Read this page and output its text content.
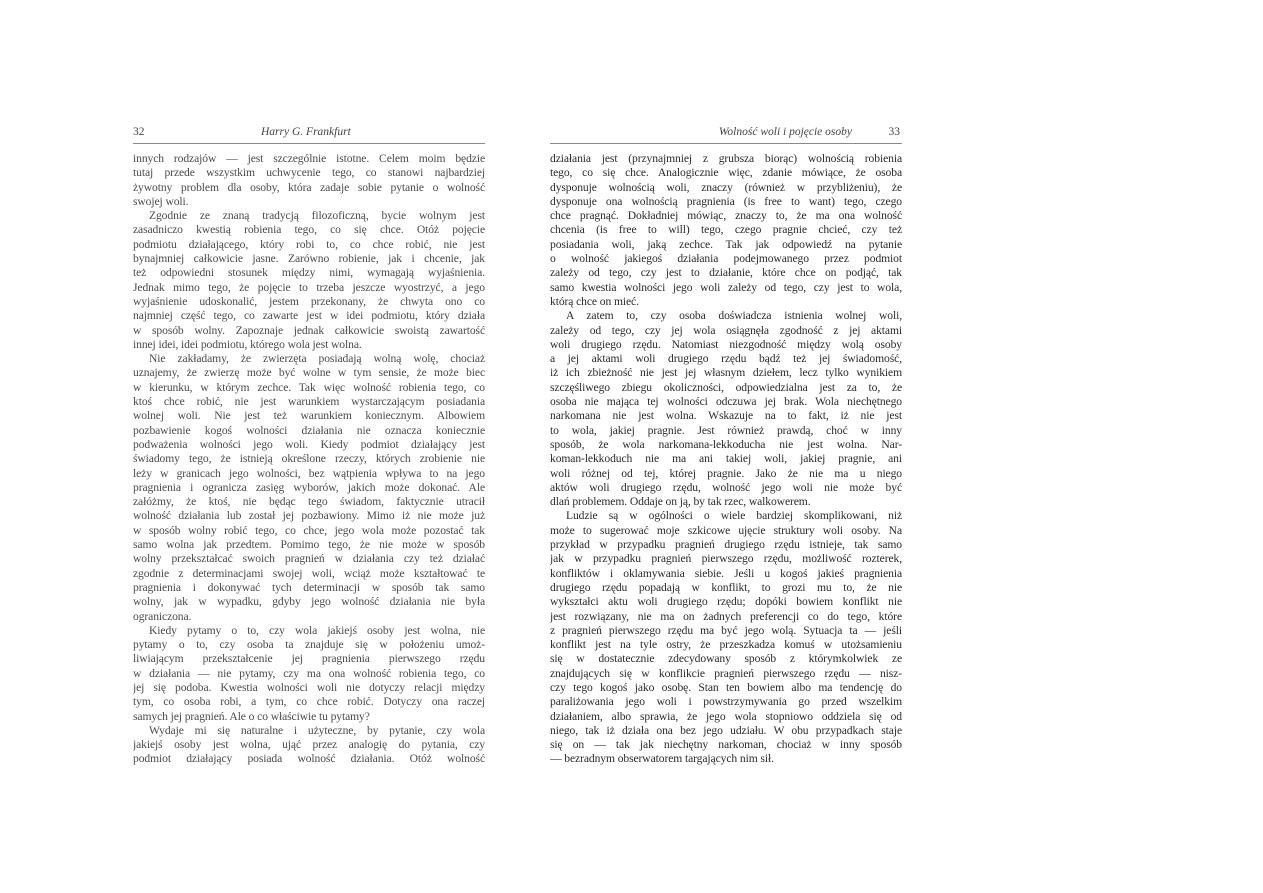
32	Harry G. Frankfurt
innych rodzajów — jest szczególnie istotne. Celem moim będzie
tutaj przede wszystkim uchwycenie tego, co stanowi najbardziej
żywotny problem dla osoby, która zadaje sobie pytanie o wolność
swojej woli.
Zgodnie ze znaną tradycją filozoficzną, bycie wolnym jest
zasadniczo kwestią robienia tego, co się chce. Otóż pojęcie
podmiotu działającego, który robi to, co chce robić, nie jest
bynajmniej całkowicie jasne. Zarówno robienie, jak i chcenie, jak
też odpowiedni stosunek między nimi, wymagają wyjaśnienia.
Jednak mimo tego, że pojęcie to trzeba jeszcze wyostrzyć, a jego
wyjaśnienie udoskonalić, jestem przekonany, że chwyta ono co
najmniej część tego, co zawarte jest w idei podmiotu, który działa
w sposób wolny. Zapoznaje jednak całkowicie swoistą zawartość
innej idei, idei podmiotu, którego wola jest wolna.
Nie zakładamy, że zwierzęta posiadają wolną wolę, chociaż
uznajemy, że zwierzę może być wolne w tym sensie, że może biec
w kierunku, w którym zechce. Tak więc wolność robienia tego, co
ktoś chce robić, nie jest warunkiem wystarczającym posiadania
wolnej woli. Nie jest też warunkiem koniecznym. Albowiem
pozbawienie kogoś wolności działania nie oznacza koniecznie
podważenia wolności jego woli. Kiedy podmiot działający jest
świadomy tego, że istnieją określone rzeczy, których zrobienie nie
leży w granicach jego wolności, bez wątpienia wpływa to na jego
pragnienia i ogranicza zasięg wyborów, jakich może dokonać. Ale
załóżmy, że ktoś, nie będąc tego świadom, faktycznie utracił
wolność działania lub został jej pozbawiony. Mimo iż nie może już
w sposób wolny robić tego, co chce, jego wola może pozostać tak
samo wolna jak przedtem. Pomimo tego, że nie może w sposób
wolny przekształcać swoich pragnień w działania czy też działać
zgodnie z determinacjami swojej woli, wciąż może kształtować te
pragnienia i dokonywać tych determinacji w sposób tak samo
wolny, jak w wypadku, gdyby jego wolność działania nie była
ograniczona.
Kiedy pytamy o to, czy wola jakiejś osoby jest wolna, nie
pytamy o to, czy osoba ta znajduje się w położeniu umoż-
liwiającym przekształcenie jej pragnienia pierwszego rzędu
w działania — nie pytamy, czy ma ona wolność robienia tego, co
jej się podoba. Kwestia wolności woli nie dotyczy relacji między
tym, co osoba robi, a tym, co chce robić. Dotyczy ona raczej
samych jej pragnień. Ale o co właściwie tu pytamy?
Wydaje mi się naturalne i użyteczne, by pytanie, czy wola
jakiejś osoby jest wolna, ująć przez analogię do pytania, czy
podmiot działający posiada wolność działania. Otóż wolność
Wolność woli i pojęcie osoby	33
działania jest (przynajmniej z grubsza biorąc) wolnością robienia
tego, co się chce. Analogicznie więc, zdanie mówiące, że osoba
dysponuje wolnością woli, znaczy (również w przybliżeniu), że
dysponuje ona wolnością pragnienia (is free to want) tego, czego
chce pragnąć. Dokładniej mówiąc, znaczy to, że ma ona wolność
chcenia (is free to will) tego, czego pragnie chcieć, czy też
posiadania woli, jaką zechce. Tak jak odpowiedź na pytanie
o wolność jakiegoś działania podejmowanego przez podmiot
zależy od tego, czy jest to działanie, które chce on podjąć, tak
samo kwestia wolności jego woli zależy od tego, czy jest to wola,
którą chce on mieć.
A zatem to, czy osoba doświadcza istnienia wolnej woli,
zależy od tego, czy jej wola osiągnęła zgodność z jej aktami
woli drugiego rzędu. Natomiast niezgodność między wolą osoby
a jej aktami woli drugiego rzędu bądź też jej świadomość,
iż ich zbieżność nie jest jej własnym dziełem, lecz tylko wynikiem
szczęśliwego zbiegu okoliczności, odpowiedzialna jest za to, że
osoba nie mająca tej wolności odczuwa jej brak. Wola niechętnego
narkomana nie jest wolna. Wskazuje na to fakt, iż nie jest
to wola, jakiej pragnie. Jest również prawdą, choć w inny
sposób, że wola narkomana-lekkoducha nie jest wolna. Nar-
koman-lekkoduch nie ma ani takiej woli, jakiej pragnie, ani
woli różnej od tej, której pragnie. Jako że nie ma u niego
aktów woli drugiego rzędu, wolność jego woli nie może być
dlań problemem. Oddaje on ją, by tak rzec, walkowerem.
Ludzie są w ogólności o wiele bardziej skomplikowani, niż
może to sugerować moje szkicowe ujęcie struktury woli osoby. Na
przykład w przypadku pragnień drugiego rzędu istnieje, tak samo
jak w przypadku pragnień pierwszego rzędu, możliwość rozterek,
konfliktów i oklamywania siebie. Jeśli u kogoś jakieś pragnienia
drugiego rzędu popadają w konflikt, to grozi mu to, że nie
wykształci aktu woli drugiego rzędu; dopóki bowiem konflikt nie
jest rozwiązany, nie ma on żadnych preferencji co do tego, które
z pragnień pierwszego rzędu ma być jego wolą. Sytuacja ta — jeśli
konflikt jest na tyle ostry, że przeszkadza komuś w utożsamieniu
się w dostatecznie zdecydowany sposób z którymkolwiek ze
znajdujących się w konflikcie pragnień pierwszego rzędu — nisz-
czy tego kogoś jako osobę. Stan ten bowiem albo ma tendencję do
paraliżowania jego woli i powstrzymywania go przed wszelkim
działaniem, albo sprawia, że jego wola stopniowo oddziela się od
niego, tak iż działa ona bez jego udziału. W obu przypadkach staje
się on — tak jak niechętny narkoman, chociaż w inny sposób
— bezradnym obserwatorem targających nim sił.
